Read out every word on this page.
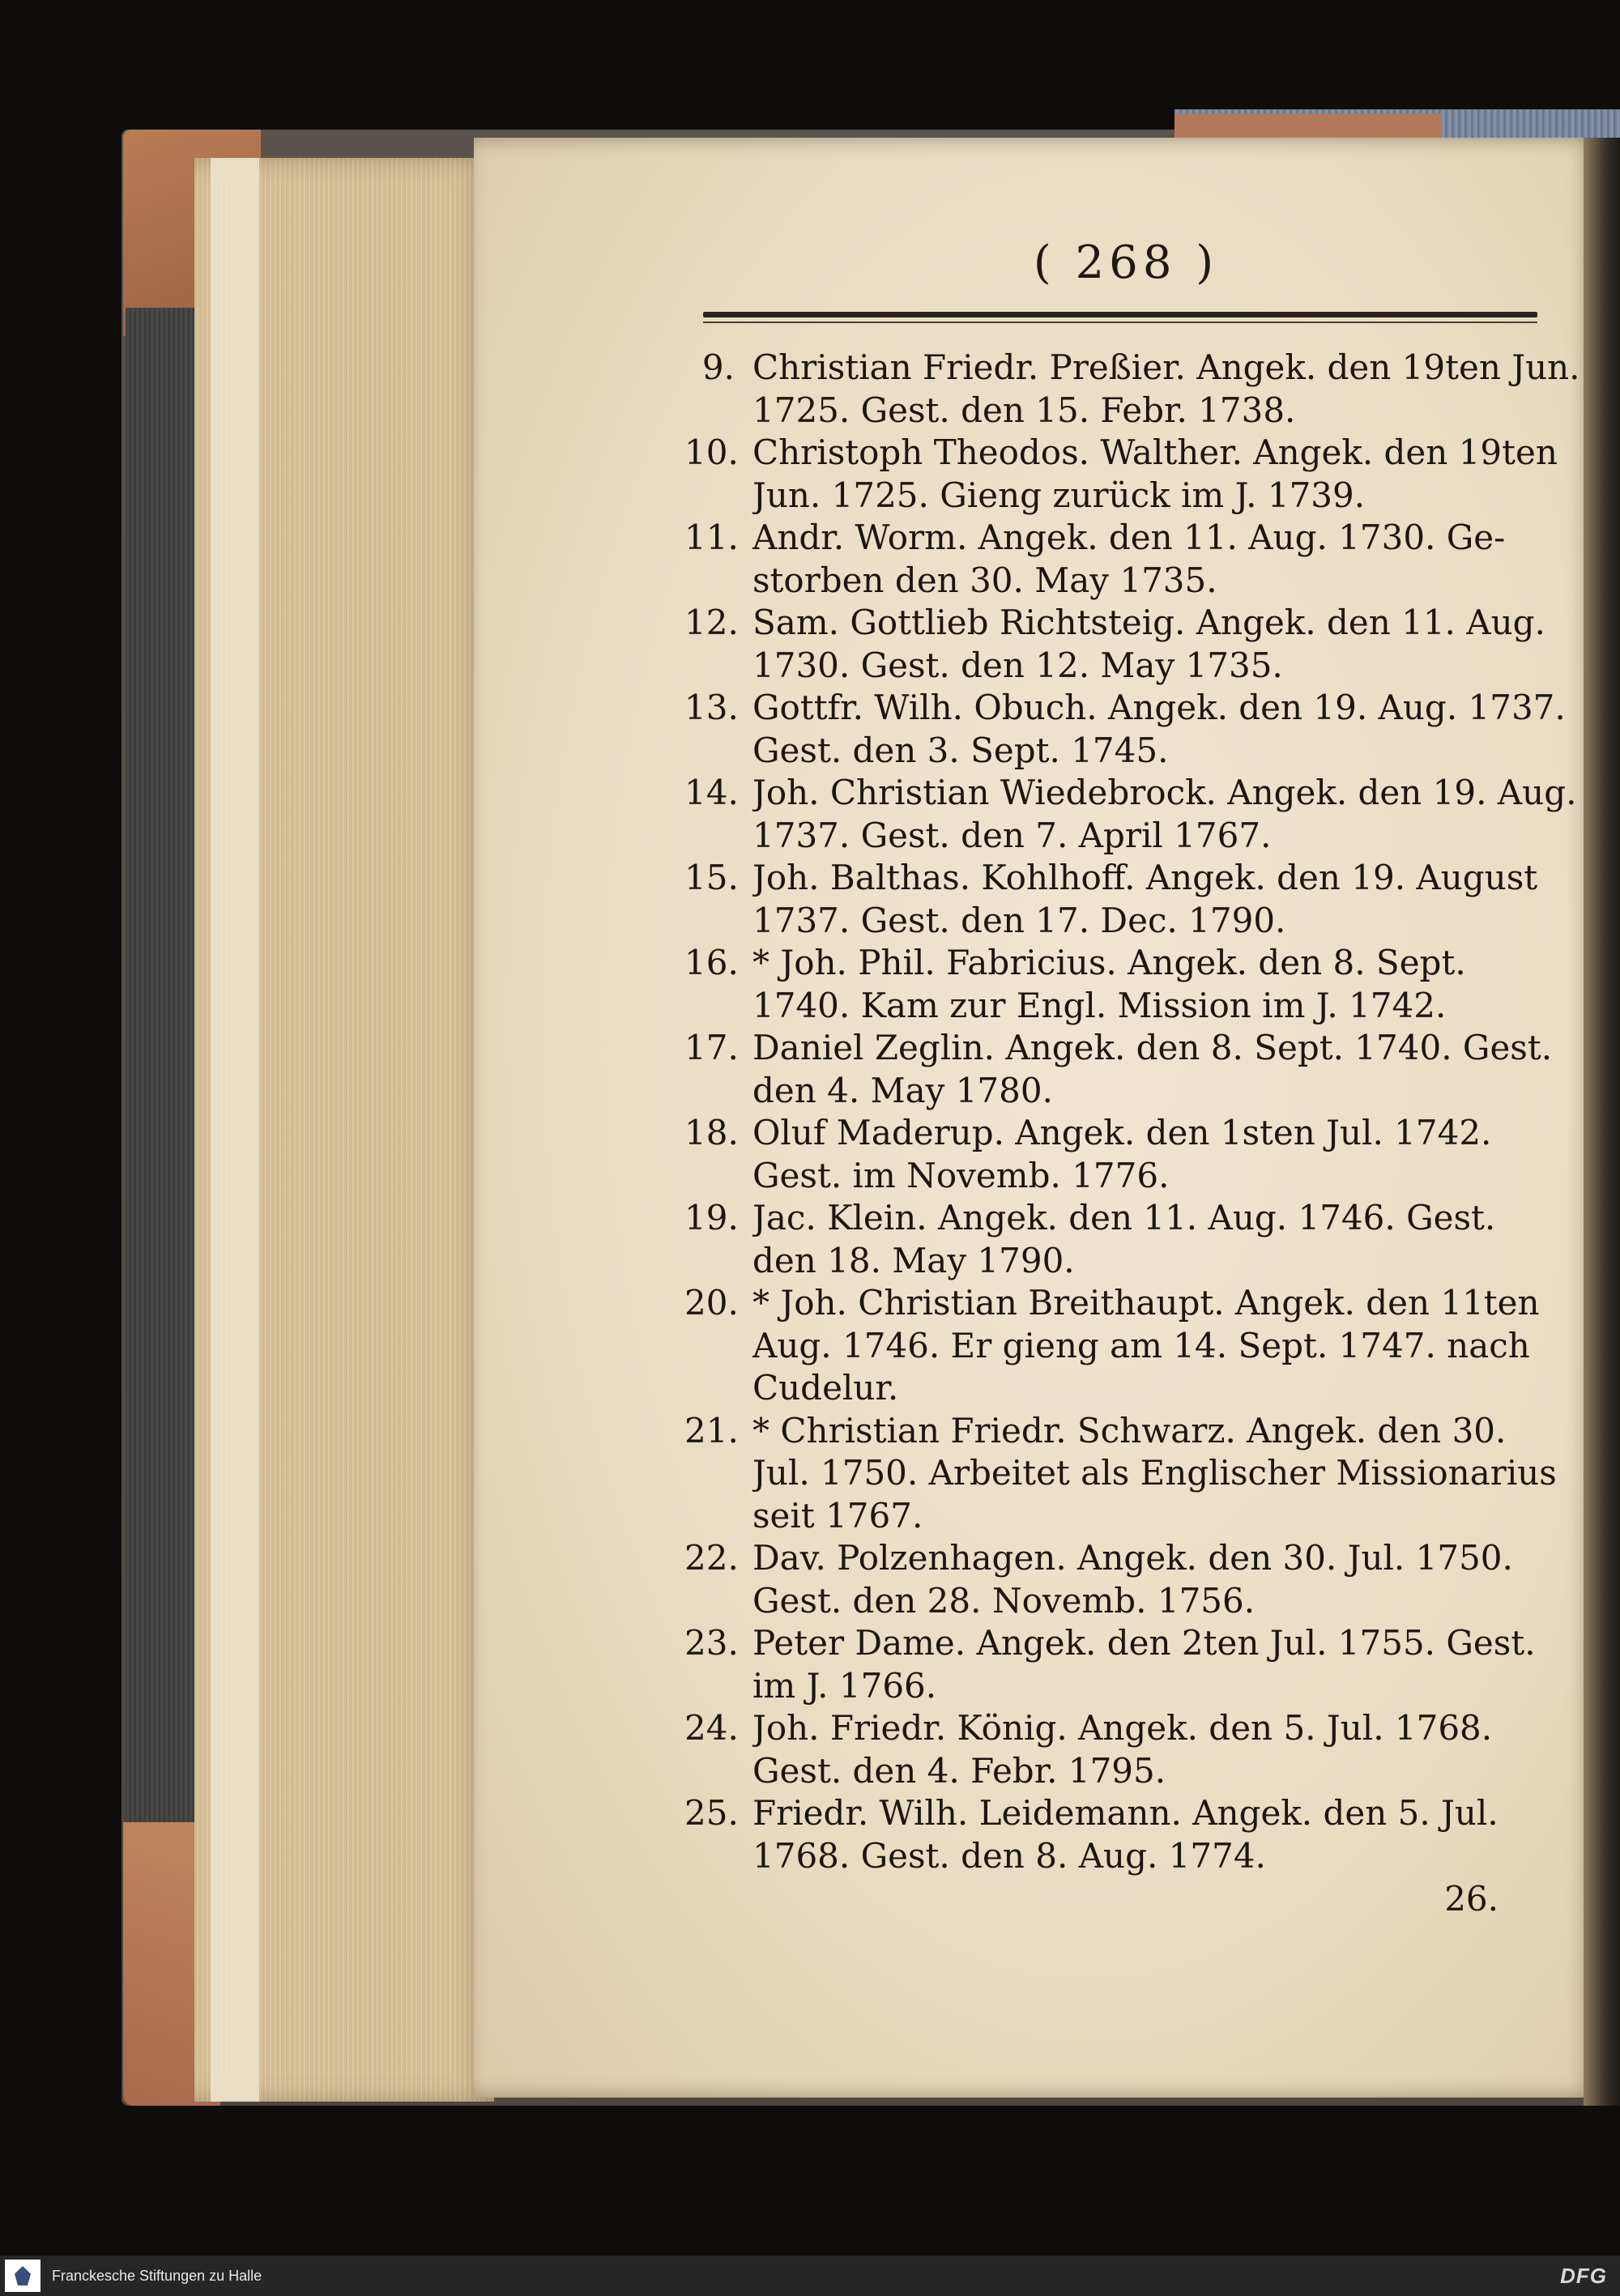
( 268 )
9. Christian Friedr. Preßier. Angek. den 19ten Jun.
1725. Gest. den 15. Febr. 1738.
10. Christoph Theodos. Walther. Angek. den 19ten
Jun. 1725. Gieng zurück im J. 1739.
11. Andr. Worm. Angek. den 11. Aug. 1730. Ge-
storben den 30. May 1735.
12. Sam. Gottlieb Richtsteig. Angek. den 11. Aug.
1730. Gest. den 12. May 1735.
13. Gottfr. Wilh. Obuch. Angek. den 19. Aug. 1737.
Gest. den 3. Sept. 1745.
14. Joh. Christian Wiedebrock. Angek. den 19. Aug.
1737. Gest. den 7. April 1767.
15. Joh. Balthas. Kohlhoff. Angek. den 19. August
1737. Gest. den 17. Dec. 1790.
16. * Joh. Phil. Fabricius. Angek. den 8. Sept.
1740. Kam zur Engl. Mission im J. 1742.
17. Daniel Zeglin. Angek. den 8. Sept. 1740. Gest.
den 4. May 1780.
18. Oluf Maderup. Angek. den 1sten Jul. 1742.
Gest. im Novemb. 1776.
19. Jac. Klein. Angek. den 11. Aug. 1746. Gest.
den 18. May 1790.
20. * Joh. Christian Breithaupt. Angek. den 11ten
Aug. 1746. Er gieng am 14. Sept. 1747. nach
Cudelur.
21. * Christian Friedr. Schwarz. Angek. den 30.
Jul. 1750. Arbeitet als Englischer Missionarius
seit 1767.
22. Dav. Polzenhagen. Angek. den 30. Jul. 1750.
Gest. den 28. Novemb. 1756.
23. Peter Dame. Angek. den 2ten Jul. 1755. Gest.
im J. 1766.
24. Joh. Friedr. König. Angek. den 5. Jul. 1768.
Gest. den 4. Febr. 1795.
25. Friedr. Wilh. Leidemann. Angek. den 5. Jul.
1768. Gest. den 8. Aug. 1774.
26.
Franckesche Stiftungen zu Halle	DFG
